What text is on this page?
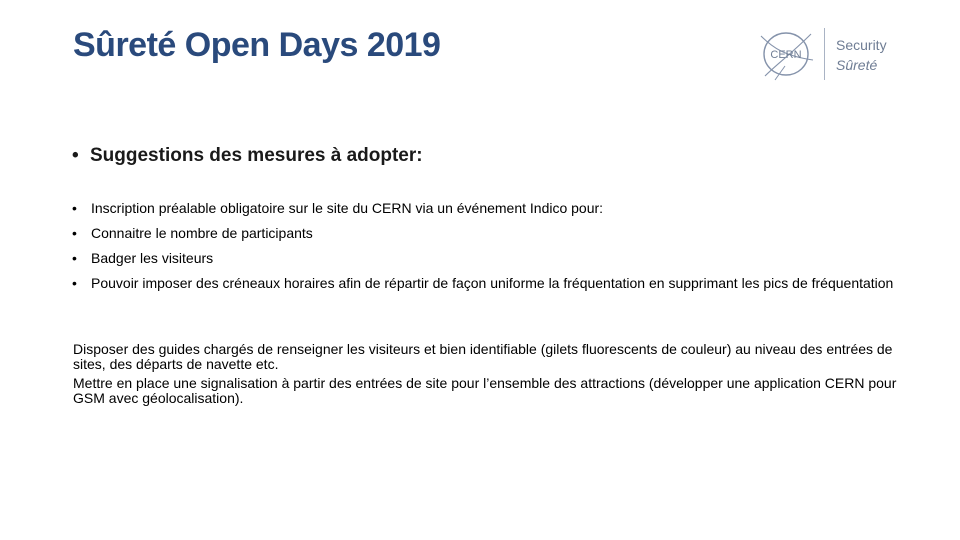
Sûreté Open Days 2019	CERN
Security
Sûreté
• Suggestions des mesures à adopter:
• Inscription préalable obligatoire sur le site du CERN via un événement Indico pour:
• Connaitre le nombre de participants
• Badger les visiteurs
• Pouvoir imposer des créneaux horaires afin de répartir de façon uniforme la fréquentation en supprimant les pics de fréquentation

Disposer des guides chargés de renseigner les visiteurs et bien identifiable (gilets fluorescents de couleur) au niveau des entrées de sites, des départs de navette etc.

Mettre en place une signalisation à partir des entrées de site pour l’ensemble des attractions (développer une application CERN pour GSM avec géolocalisation).
